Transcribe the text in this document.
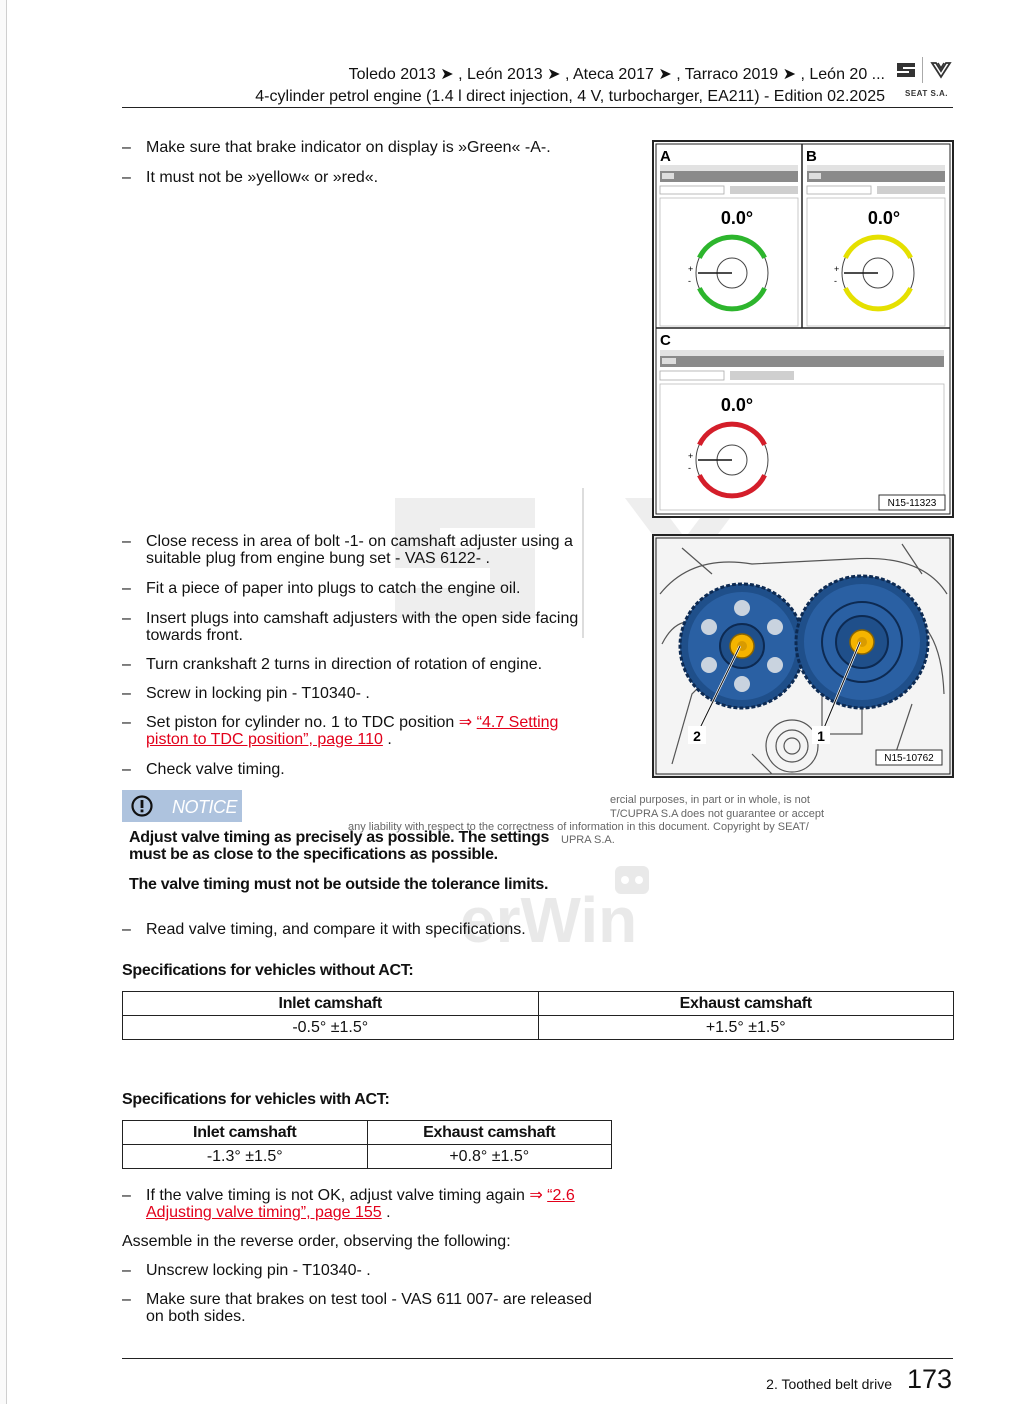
Toledo 2013 ➤ , León 2013 ➤ , Ateca 2017 ➤ , Tarraco 2019 ➤ , León 20 ...
4-cylinder petrol engine (1.4 l direct injection, 4 V, turbocharger, EA211) - Edition 02.2025	SEAT S.A.
erWin
– Make sure that brake indicator on display is »Green« -A-.
– It must not be »yellow« or »red«.
A	B
C
0.0°	0.0°
0.0°
+
-
+
-
+
-
N15-11323
2	1
N15-10762
– Close recess in area of bolt -1- on camshaft adjuster using a suitable plug from engine bung set - VAS 6122- .
– Fit a piece of paper into plugs to catch the engine oil.
– Insert plugs into camshaft adjusters with the open side facing towards front.
– Turn crankshaft 2 turns in direction of rotation of engine.
– Screw in locking pin - T10340- .
– Set piston for cylinder no. 1 to TDC position ⇒ “4.7 Setting piston to TDC position”, page 110 .
– Check valve timing.
NOTICE	ercial purposes, in part or in whole, is not
T/CUPRA S.A does not guarantee or accept
any liability with respect to the correctness of information in this document. Copyright by SEAT/
UPRA S.A.
Adjust valve timing as precisely as possible. The settings must be as close to the specifications as possible.
The valve timing must not be outside the tolerance limits.
– Read valve timing, and compare it with specifications.
Specifications for vehicles without ACT:
Inlet camshaft	Exhaust camshaft
-0.5° ±1.5°	+1.5° ±1.5°
Specifications for vehicles with ACT:
Inlet camshaft	Exhaust camshaft
-1.3° ±1.5°	+0.8° ±1.5°
– If the valve timing is not OK, adjust valve timing again ⇒ “2.6 Adjusting valve timing”, page 155 .
Assemble in the reverse order, observing the following:
– Unscrew locking pin - T10340- .
– Make sure that brakes on test tool - VAS 611 007- are released on both sides.
2. Toothed belt drive 173
